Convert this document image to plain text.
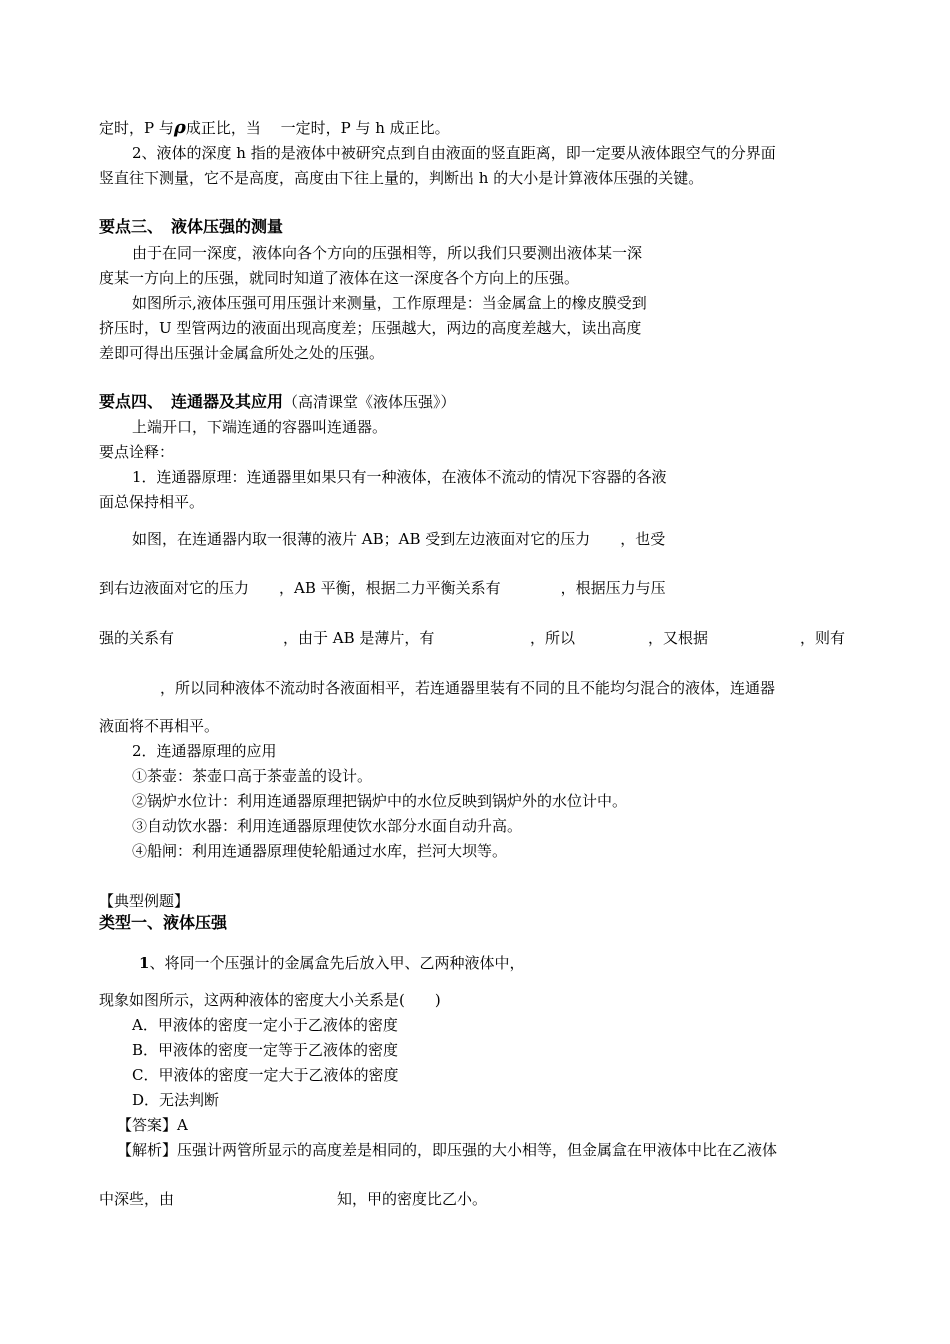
定时，P 与ρ成正比，当　 一定时，P 与 h 成正比。
2、液体的深度 h 指的是液体中被研究点到自由液面的竖直距离，即一定要从液体跟空气的分界面
竖直往下测量，它不是高度，高度由下往上量的，判断出 h 的大小是计算液体压强的关键。
要点三、　液体压强的测量
由于在同一深度，液体向各个方向的压强相等，所以我们只要测出液体某一深
度某一方向上的压强，就同时知道了液体在这一深度各个方向上的压强。
如图所示,液体压强可用压强计来测量，工作原理是：当金属盒上的橡皮膜受到
挤压时，U 型管两边的液面出现高度差；压强越大，两边的高度差越大，读出高度
差即可得出压强计金属盒所处之处的压强。
要点四、　连通器及其应用（高清课堂《液体压强》）
上端开口，下端连通的容器叫连通器。
要点诠释：
1．连通器原理：连通器里如果只有一种液体，在液体不流动的情况下容器的各液
面总保持相平。
如图，在连通器内取一很薄的液片 AB；AB 受到左边液面对它的压力　　，也受
到右边液面对它的压力　　，AB 平衡，根据二力平衡关系有　　　　，根据压力与压
强的关系有	，由于 AB 是薄片，有	，所以	，又根据	，则有
，所以同种液体不流动时各液面相平，若连通器里装有不同的且不能均匀混合的液体，连通器
液面将不再相平。
2．连通器原理的应用
①茶壶：茶壶口高于茶壶盖的设计。
②锅炉水位计：利用连通器原理把锅炉中的水位反映到锅炉外的水位计中。
③自动饮水器：利用连通器原理使饮水部分水面自动升高。
④船闸：利用连通器原理使轮船通过水库，拦河大坝等。
【典型例题】
类型一、液体压强
1、将同一个压强计的金属盒先后放入甲、乙两种液体中，
现象如图所示，这两种液体的密度大小关系是(　　)
A．甲液体的密度一定小于乙液体的密度
B．甲液体的密度一定等于乙液体的密度
C．甲液体的密度一定大于乙液体的密度
D．无法判断
【答案】A
【解析】压强计两管所显示的高度差是相同的，即压强的大小相等，但金属盒在甲液体中比在乙液体
中深些，由	知，甲的密度比乙小。
